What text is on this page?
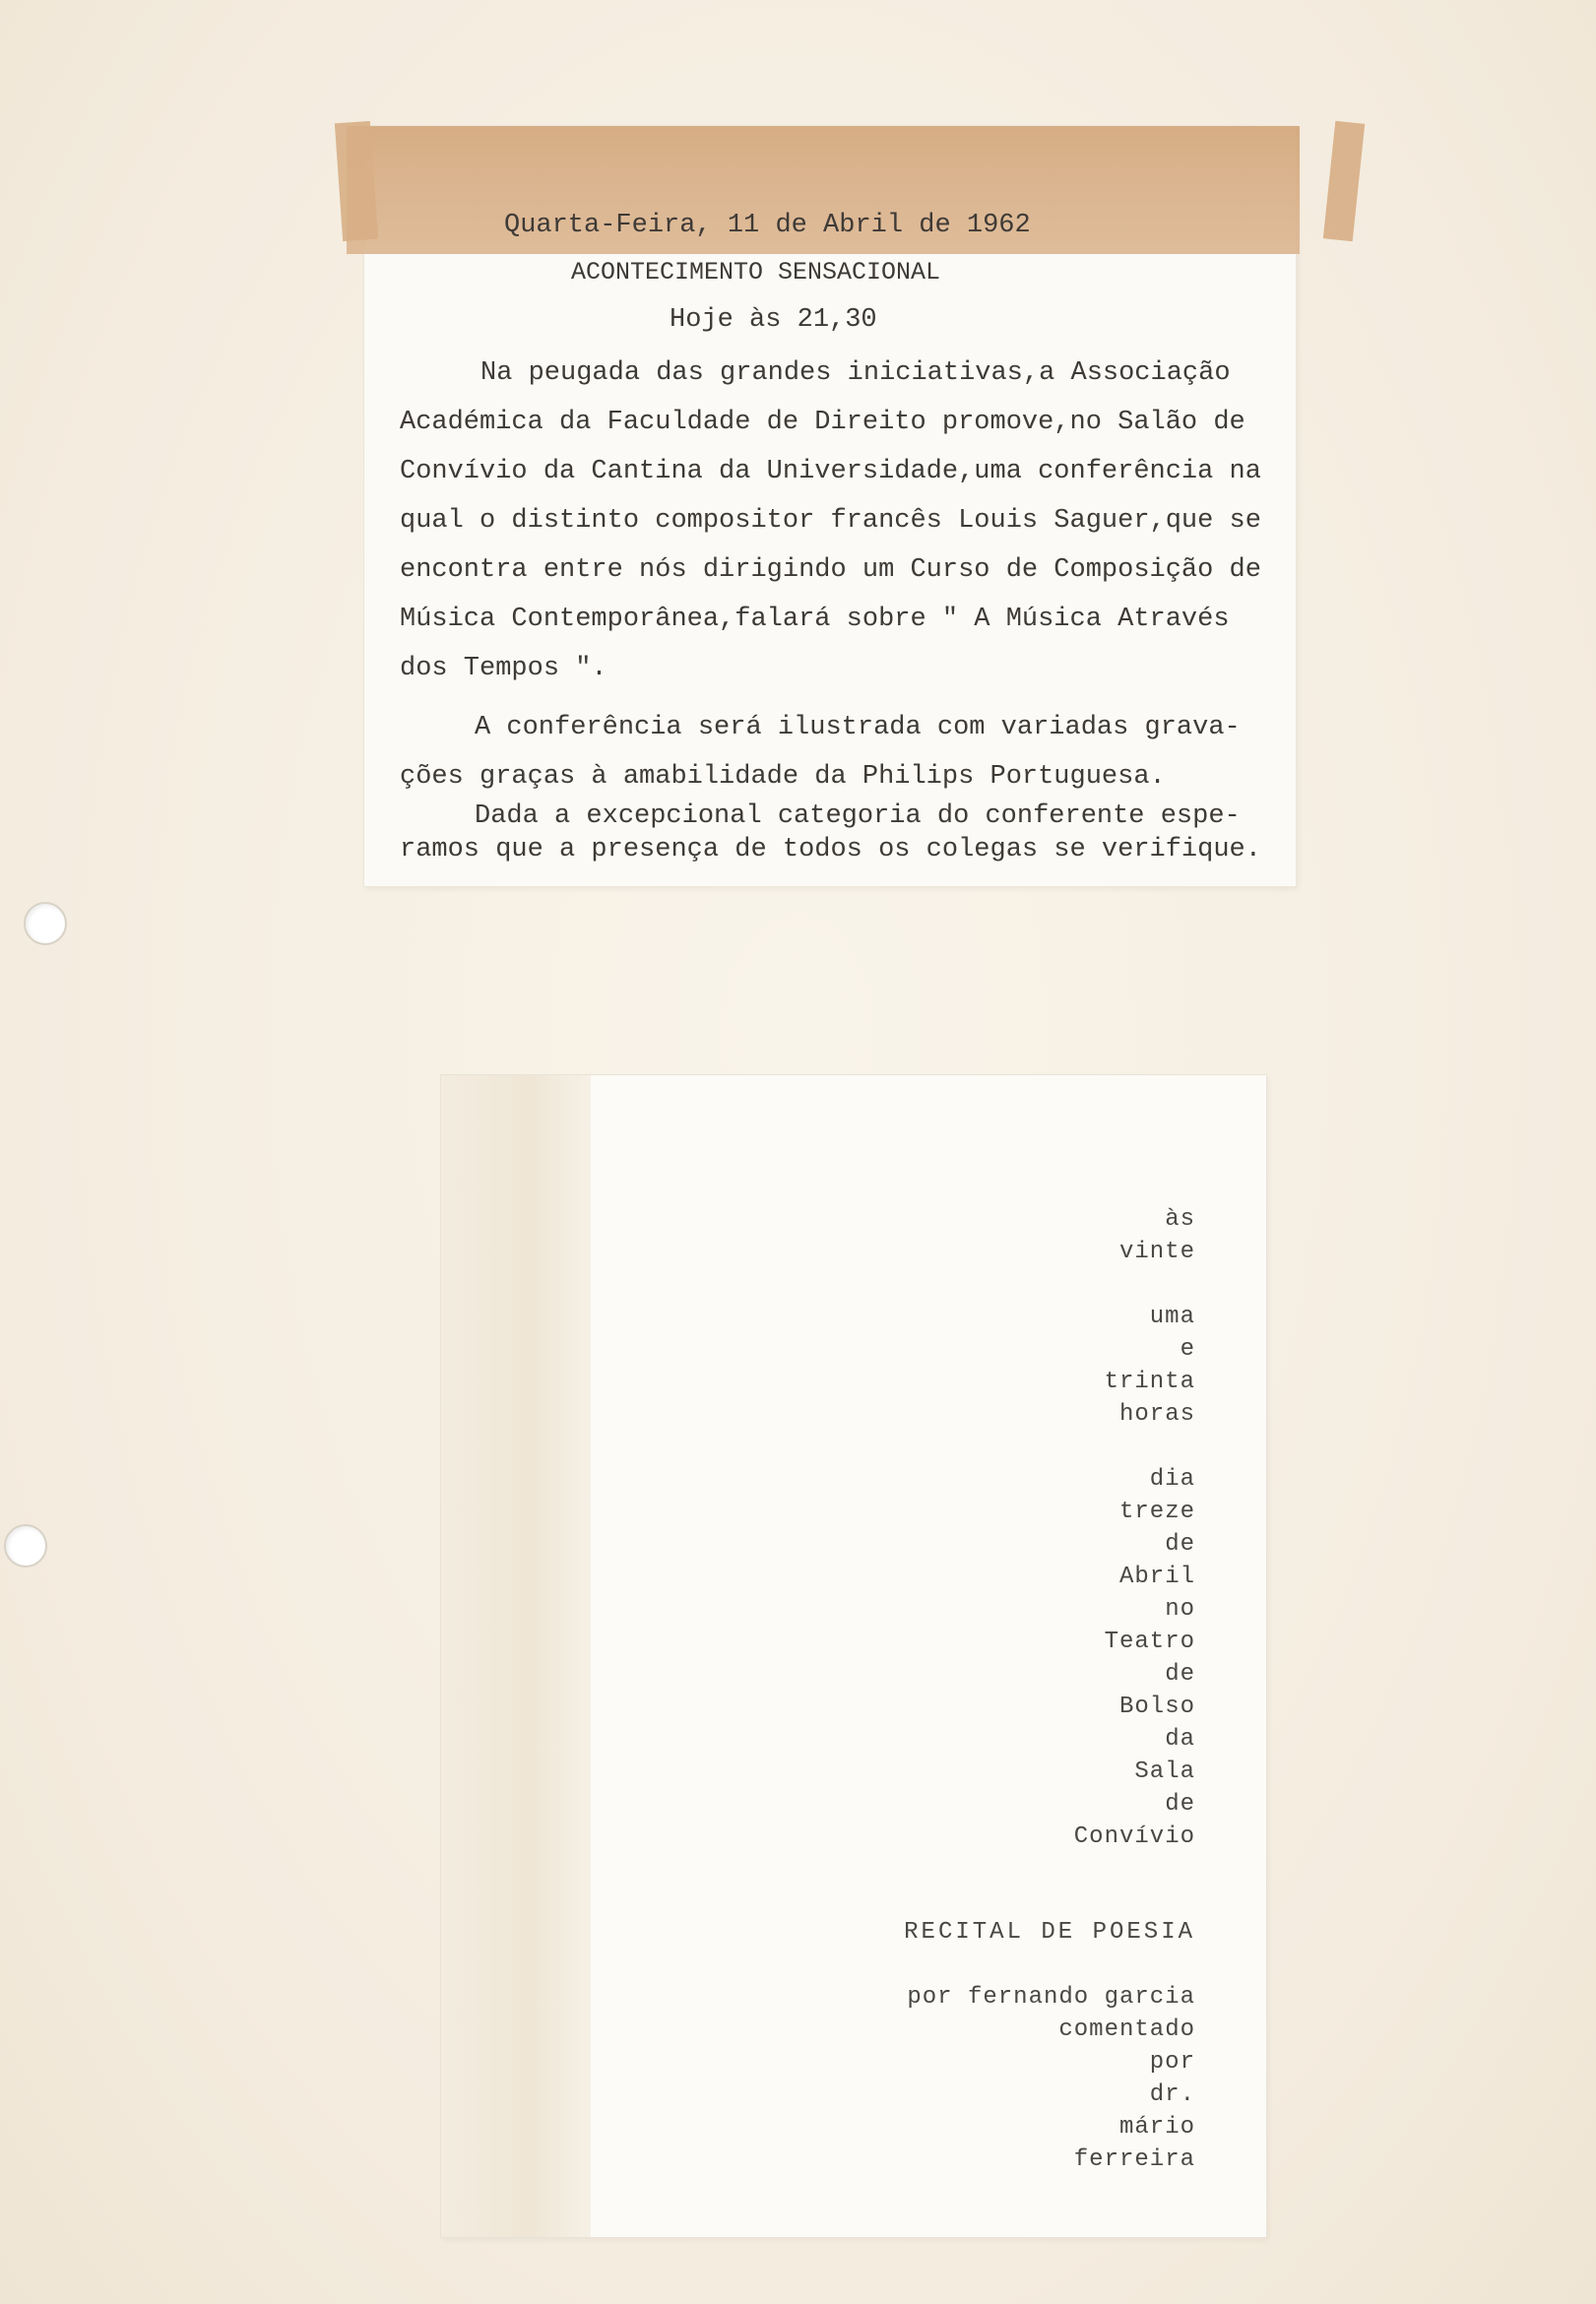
Quarta-Feira, 11 de Abril de 1962
ACONTECIMENTO SENSACIONAL
Hoje às 21,30
Na peugada das grandes iniciativas,a Associação
Académica da Faculdade de Direito promove,no Salão de
Convívio da Cantina da Universidade,uma conferência na
qual o distinto compositor francês Louis Saguer,que se
encontra entre nós dirigindo um Curso de Composição de
Música Contemporânea,falará sobre " A Música Através
dos Tempos ".
A conferência será ilustrada com variadas grava-
ções graças à amabilidade da Philips Portuguesa.
Dada a excepcional categoria do conferente espe-
ramos que a presença de todos os colegas se verifique.
às
vinte
uma
e
trinta
horas
dia
treze
de
Abril
no
Teatro
de
Bolso
da
Sala
de
Convívio
RECITAL DE POESIA
por fernando garcia
comentado
por
dr.
mário
ferreira
